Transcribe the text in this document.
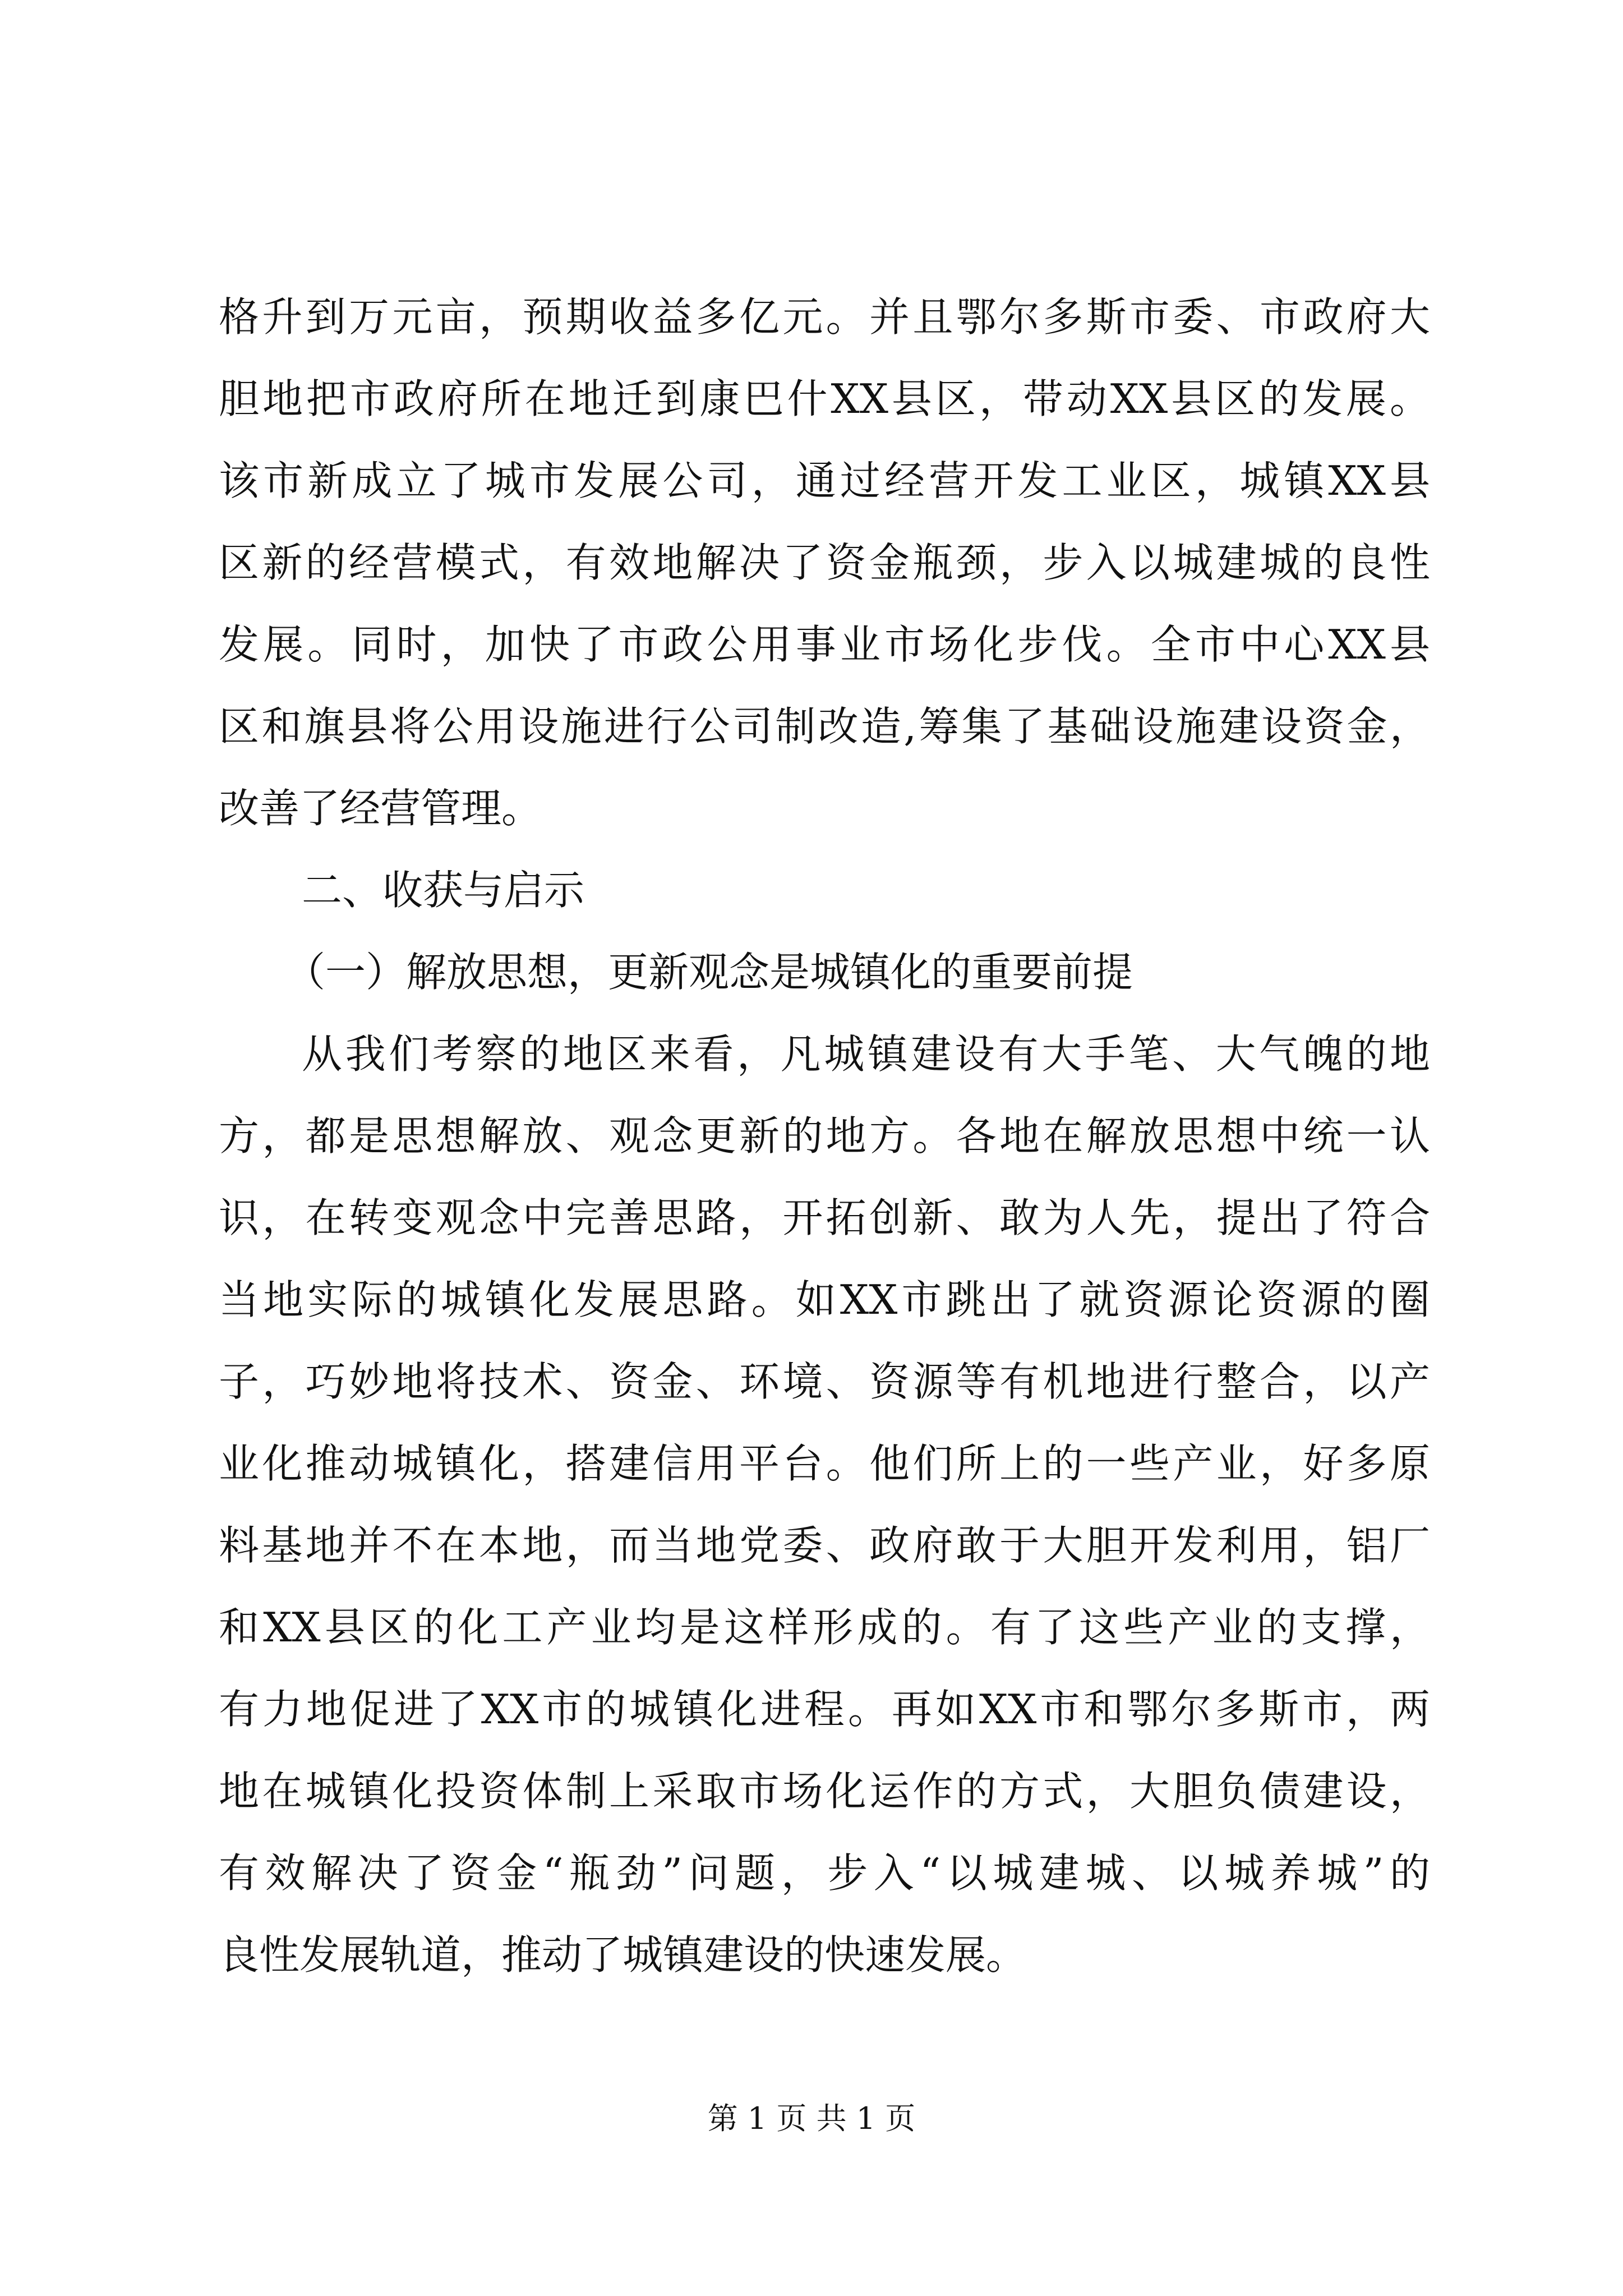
格升到万元亩，预期收益多亿元。并且鄂尔多斯市委、市政府大
胆地把市政府所在地迁到康巴什XX县区，带动XX县区的发展。
该市新成立了城市发展公司，通过经营开发工业区，城镇XX县
区新的经营模式，有效地解决了资金瓶颈，步入以城建城的良性
发展。同时，加快了市政公用事业市场化步伐。全市中心XX县
区和旗县将公用设施进行公司制改造,筹集了基础设施建设资金，
改善了经营管理。
二、收获与启示
（一）解放思想，更新观念是城镇化的重要前提
从我们考察的地区来看，凡城镇建设有大手笔、大气魄的地
方，都是思想解放、观念更新的地方。各地在解放思想中统一认
识，在转变观念中完善思路，开拓创新、敢为人先，提出了符合
当地实际的城镇化发展思路。如XX市跳出了就资源论资源的圈
子，巧妙地将技术、资金、环境、资源等有机地进行整合，以产
业化推动城镇化，搭建信用平台。他们所上的一些产业，好多原
料基地并不在本地，而当地党委、政府敢于大胆开发利用，铝厂
和XX县区的化工产业均是这样形成的。有了这些产业的支撑，
有力地促进了XX市的城镇化进程。再如XX市和鄂尔多斯市，两
地在城镇化投资体制上采取市场化运作的方式，大胆负债建设，
有效解决了资金“瓶劲”问题，步入“以城建城、以城养城”的
良性发展轨道，推动了城镇建设的快速发展。
第 1 页 共 1 页
